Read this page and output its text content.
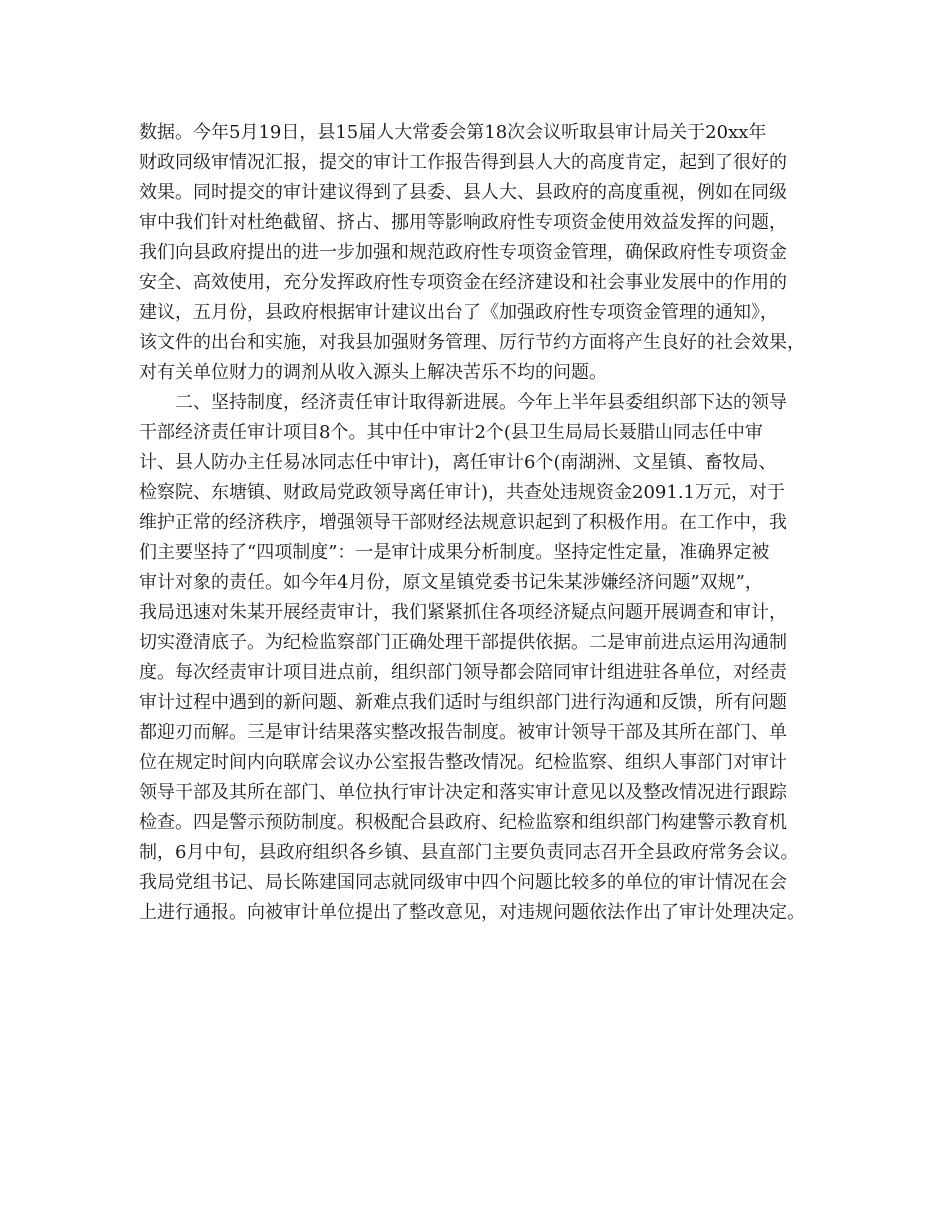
数据。今年5月19日，县15届人大常委会第18次会议听取县审计局关于20xx年
财政同级审情况汇报，提交的审计工作报告得到县人大的高度肯定，起到了很好的
效果。同时提交的审计建议得到了县委、县人大、县政府的高度重视，例如在同级
审中我们针对杜绝截留、挤占、挪用等影响政府性专项资金使用效益发挥的问题，
我们向县政府提出的进一步加强和规范政府性专项资金管理，确保政府性专项资金
安全、高效使用，充分发挥政府性专项资金在经济建设和社会事业发展中的作用的
建议，五月份，县政府根据审计建议出台了《加强政府性专项资金管理的通知》，
该文件的出台和实施，对我县加强财务管理、厉行节约方面将产生良好的社会效果，
对有关单位财力的调剂从收入源头上解决苦乐不均的问题。
　　二、坚持制度，经济责任审计取得新进展。今年上半年县委组织部下达的领导
干部经济责任审计项目8个。其中任中审计2个(县卫生局局长聂腊山同志任中审
计、县人防办主任易冰同志任中审计)，离任审计6个(南湖洲、文星镇、畜牧局、
检察院、东塘镇、财政局党政领导离任审计)，共查处违规资金2091.1万元，对于
维护正常的经济秩序，增强领导干部财经法规意识起到了积极作用。在工作中，我
们主要坚持了“四项制度”：一是审计成果分析制度。坚持定性定量，准确界定被
审计对象的责任。如今年4月份，原文星镇党委书记朱某涉嫌经济问题”双规”，
我局迅速对朱某开展经责审计，我们紧紧抓住各项经济疑点问题开展调查和审计，
切实澄清底子。为纪检监察部门正确处理干部提供依据。二是审前进点运用沟通制
度。每次经责审计项目进点前，组织部门领导都会陪同审计组进驻各单位，对经责
审计过程中遇到的新问题、新难点我们适时与组织部门进行沟通和反馈，所有问题
都迎刃而解。三是审计结果落实整改报告制度。被审计领导干部及其所在部门、单
位在规定时间内向联席会议办公室报告整改情况。纪检监察、组织人事部门对审计
领导干部及其所在部门、单位执行审计决定和落实审计意见以及整改情况进行跟踪
检查。四是警示预防制度。积极配合县政府、纪检监察和组织部门构建警示教育机
制，6月中旬，县政府组织各乡镇、县直部门主要负责同志召开全县政府常务会议。
我局党组书记、局长陈建国同志就同级审中四个问题比较多的单位的审计情况在会
上进行通报。向被审计单位提出了整改意见，对违规问题依法作出了审计处理决定。
